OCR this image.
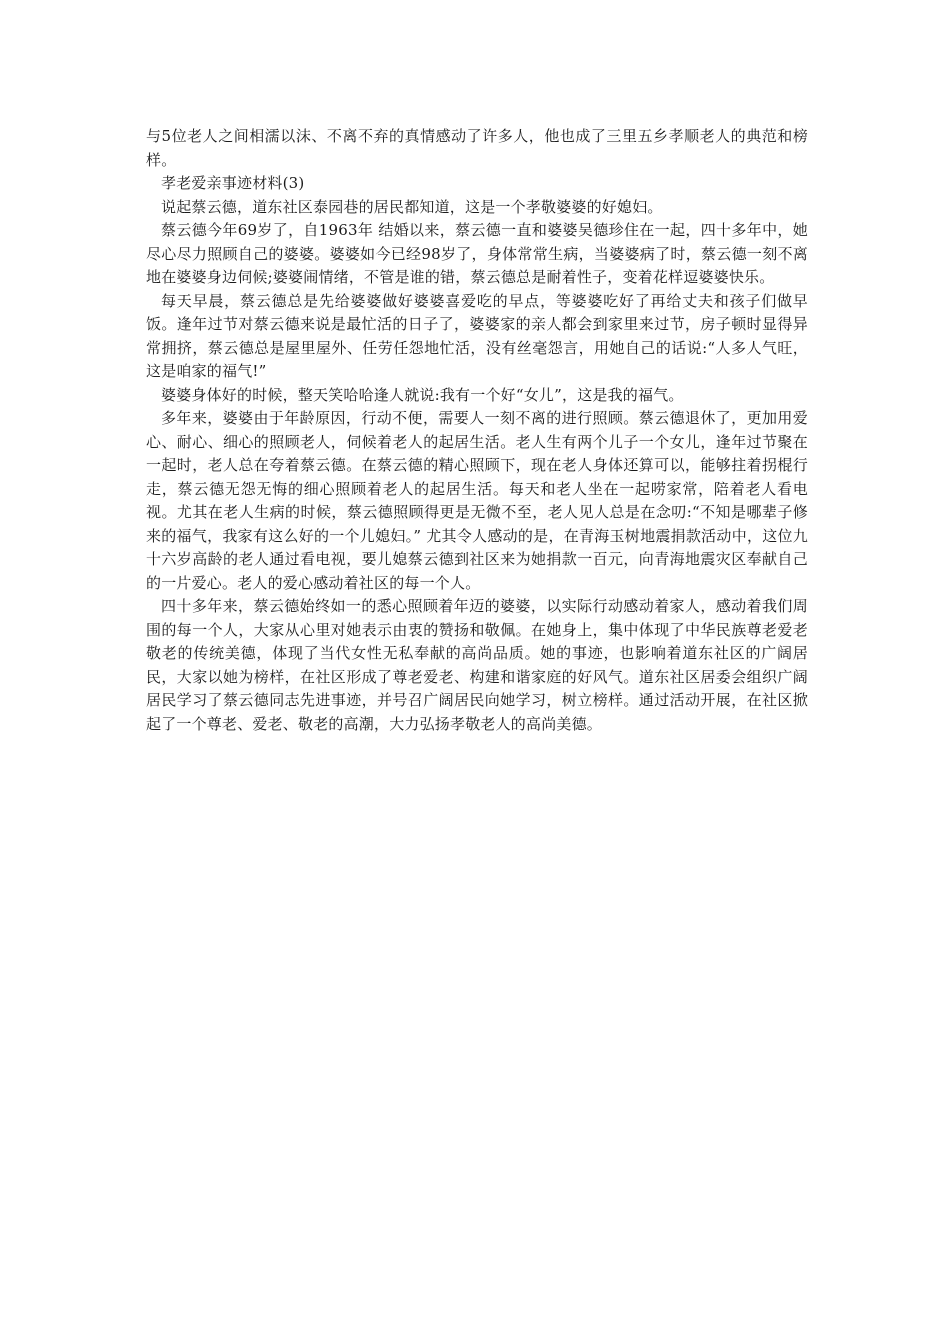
与5位老人之间相濡以沫、不离不弃的真情感动了许多人，他也成了三里五乡孝顺老人的典范和榜样。

孝老爱亲事迹材料(3)

说起蔡云德，道东社区泰园巷的居民都知道，这是一个孝敬婆婆的好媳妇。

蔡云德今年69岁了，自1963年 结婚以来，蔡云德一直和婆婆吴德珍住在一起，四十多年中，她尽心尽力照顾自己的婆婆。婆婆如今已经98岁了，身体常常生病，当婆婆病了时，蔡云德一刻不离地在婆婆身边伺候;婆婆闹情绪，不管是谁的错，蔡云德总是耐着性子，变着花样逗婆婆快乐。

每天早晨，蔡云德总是先给婆婆做好婆婆喜爱吃的早点，等婆婆吃好了再给丈夫和孩子们做早饭。逢年过节对蔡云德来说是最忙活的日子了，婆婆家的亲人都会到家里来过节，房子顿时显得异常拥挤，蔡云德总是屋里屋外、任劳任怨地忙活，没有丝毫怨言，用她自己的话说:“人多人气旺，这是咱家的福气!”

婆婆身体好的时候，整天笑哈哈逢人就说:我有一个好“女儿”，这是我的福气。

多年来，婆婆由于年龄原因，行动不便，需要人一刻不离的进行照顾。蔡云德退休了，更加用爱心、耐心、细心的照顾老人，伺候着老人的起居生活。老人生有两个儿子一个女儿，逢年过节聚在一起时，老人总在夸着蔡云德。在蔡云德的精心照顾下，现在老人身体还算可以，能够拄着拐棍行走，蔡云德无怨无悔的细心照顾着老人的起居生活。每天和老人坐在一起唠家常，陪着老人看电视。尤其在老人生病的时候，蔡云德照顾得更是无微不至，老人见人总是在念叨:“不知是哪辈子修来的福气，我家有这么好的一个儿媳妇。” 尤其令人感动的是，在青海玉树地震捐款活动中，这位九十六岁高龄的老人通过看电视，要儿媳蔡云德到社区来为她捐款一百元，向青海地震灾区奉献自己的一片爱心。老人的爱心感动着社区的每一个人。

四十多年来，蔡云德始终如一的悉心照顾着年迈的婆婆，以实际行动感动着家人，感动着我们周围的每一个人，大家从心里对她表示由衷的赞扬和敬佩。在她身上，集中体现了中华民族尊老爱老敬老的传统美德，体现了当代女性无私奉献的高尚品质。她的事迹，也影响着道东社区的广阔居民，大家以她为榜样，在社区形成了尊老爱老、构建和谐家庭的好风气。道东社区居委会组织广阔居民学习了蔡云德同志先进事迹，并号召广阔居民向她学习，树立榜样。通过活动开展，在社区掀起了一个尊老、爱老、敬老的高潮，大力弘扬孝敬老人的高尚美德。
